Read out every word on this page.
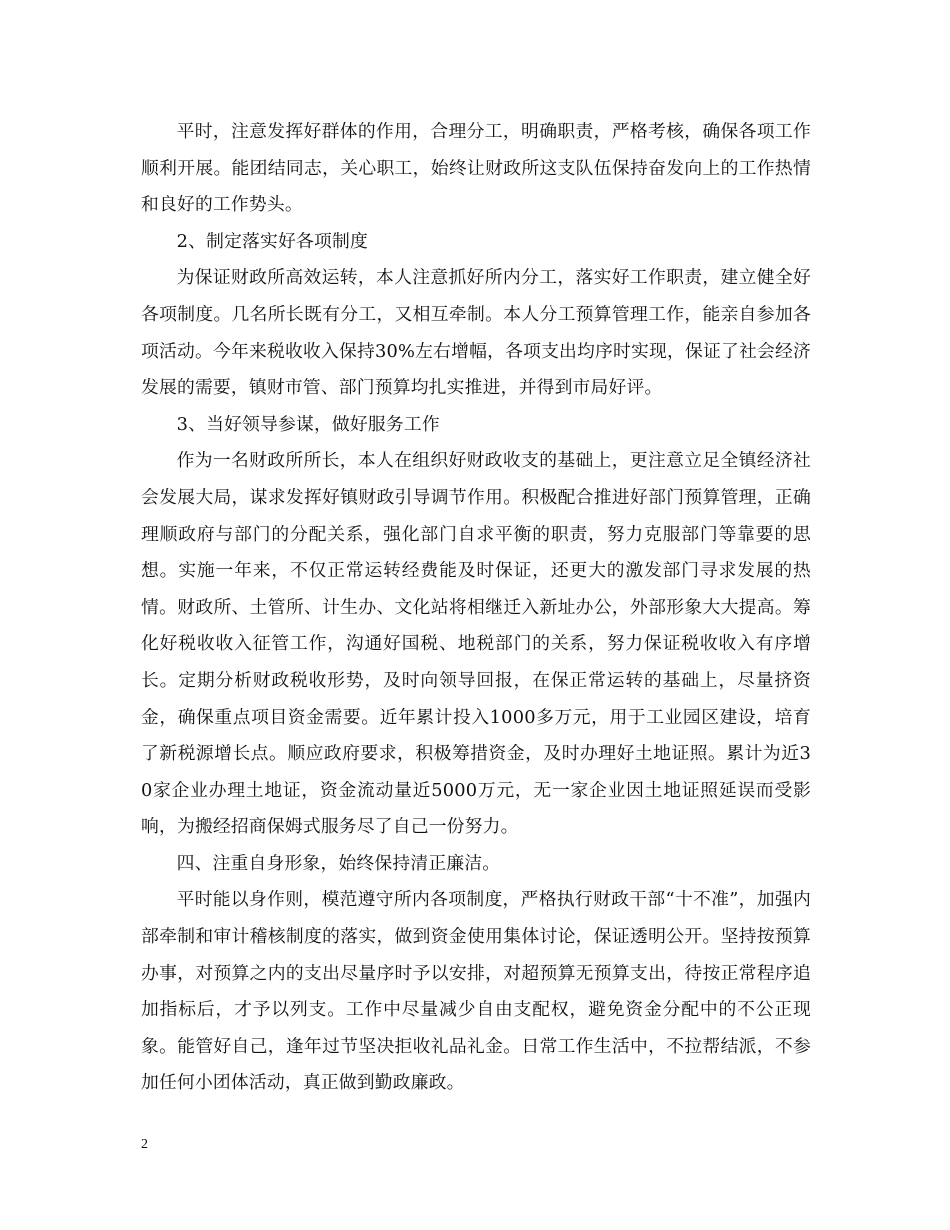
平时，注意发挥好群体的作用，合理分工，明确职责，严格考核，确保各项工作顺利开展。能团结同志，关心职工，始终让财政所这支队伍保持奋发向上的工作热情和良好的工作势头。

2、制定落实好各项制度

为保证财政所高效运转，本人注意抓好所内分工，落实好工作职责，建立健全好各项制度。几名所长既有分工，又相互牵制。本人分工预算管理工作，能亲自参加各项活动。今年来税收收入保持30%左右增幅，各项支出均序时实现，保证了社会经济发展的需要，镇财市管、部门预算均扎实推进，并得到市局好评。

3、当好领导参谋，做好服务工作

作为一名财政所所长，本人在组织好财政收支的基础上，更注意立足全镇经济社会发展大局，谋求发挥好镇财政引导调节作用。积极配合推进好部门预算管理，正确理顺政府与部门的分配关系，强化部门自求平衡的职责，努力克服部门等靠要的思想。实施一年来，不仅正常运转经费能及时保证，还更大的激发部门寻求发展的热情。财政所、土管所、计生办、文化站将相继迁入新址办公，外部形象大大提高。筹化好税收收入征管工作，沟通好国税、地税部门的关系，努力保证税收收入有序增长。定期分析财政税收形势，及时向领导回报，在保正常运转的基础上，尽量挤资金，确保重点项目资金需要。近年累计投入1000多万元，用于工业园区建设，培育了新税源增长点。顺应政府要求，积极筹措资金，及时办理好土地证照。累计为近30家企业办理土地证，资金流动量近5000万元，无一家企业因土地证照延误而受影响，为搬经招商保姆式服务尽了自己一份努力。

四、注重自身形象，始终保持清正廉洁。

平时能以身作则，模范遵守所内各项制度，严格执行财政干部“十不准”，加强内部牵制和审计稽核制度的落实，做到资金使用集体讨论，保证透明公开。坚持按预算办事，对预算之内的支出尽量序时予以安排，对超预算无预算支出，待按正常程序追加指标后，才予以列支。工作中尽量减少自由支配权，避免资金分配中的不公正现象。能管好自己，逢年过节坚决拒收礼品礼金。日常工作生活中，不拉帮结派，不参加任何小团体活动，真正做到勤政廉政。

2
